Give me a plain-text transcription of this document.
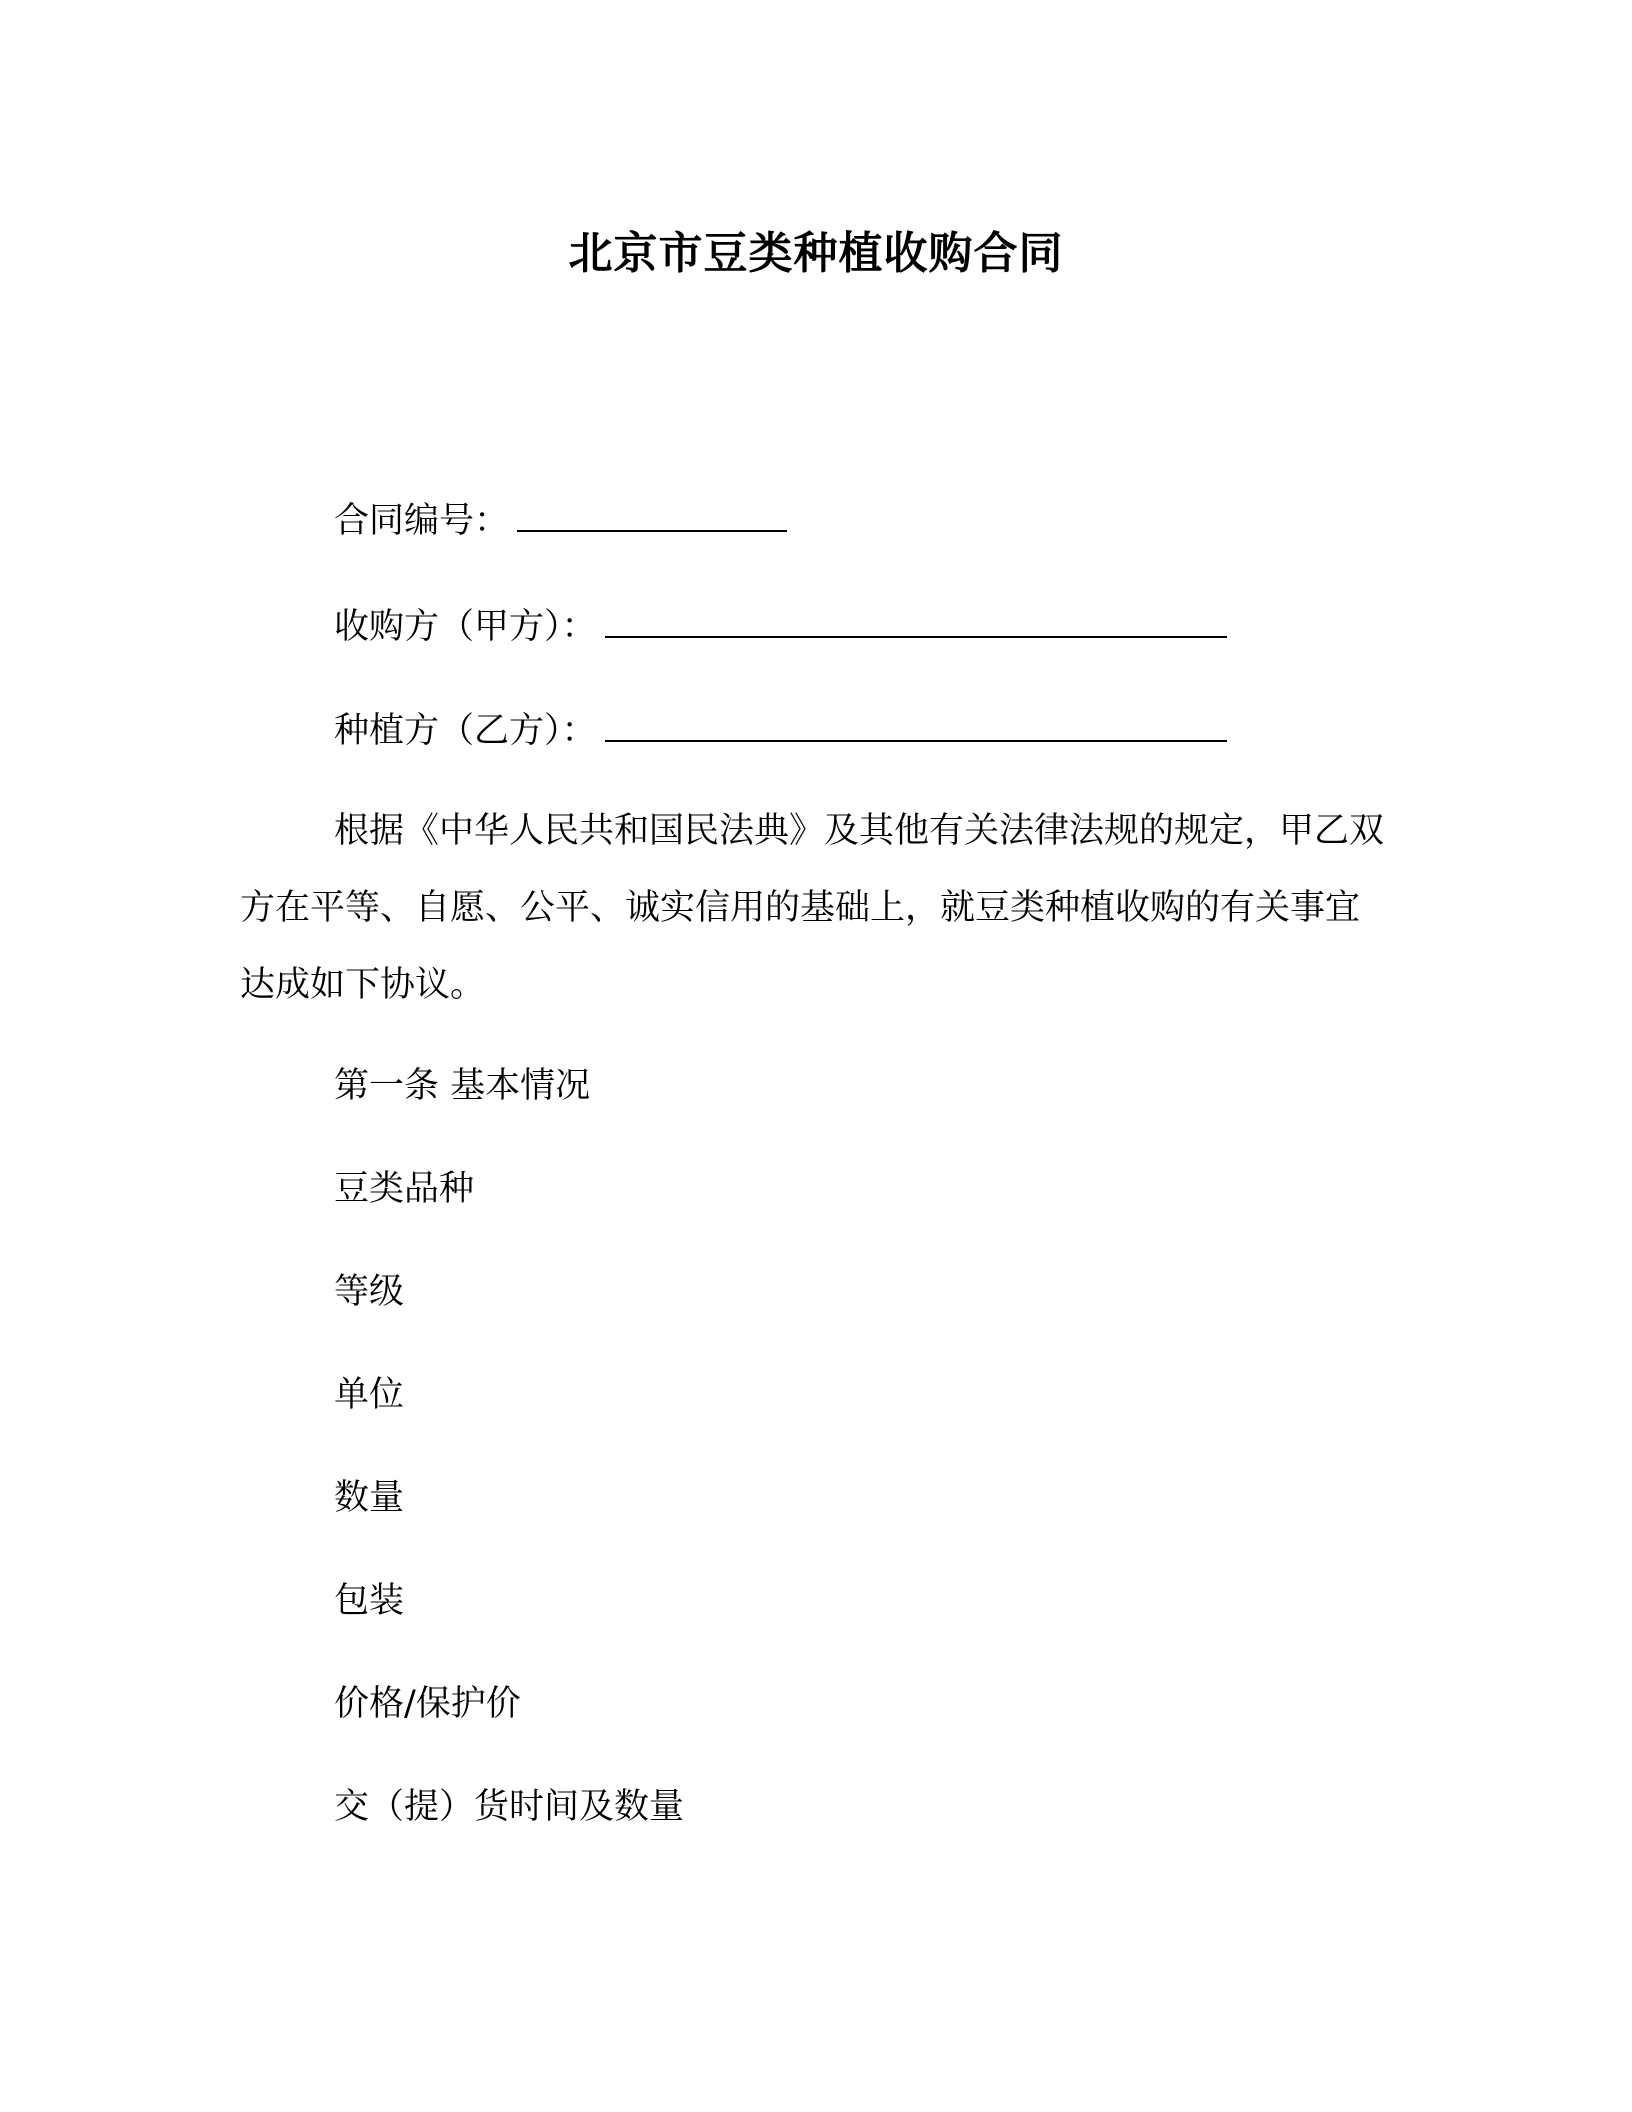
北京市豆类种植收购合同
合同编号：
收购方（甲方）：
种植方（乙方）：
根据《中华人民共和国民法典》及其他有关法律法规的规定，甲乙双方在平等、自愿、公平、诚实信用的基础上，就豆类种植收购的有关事宜达成如下协议。
第一条 基本情况
豆类品种
等级
单位
数量
包装
价格/保护价
交（提）货时间及数量
